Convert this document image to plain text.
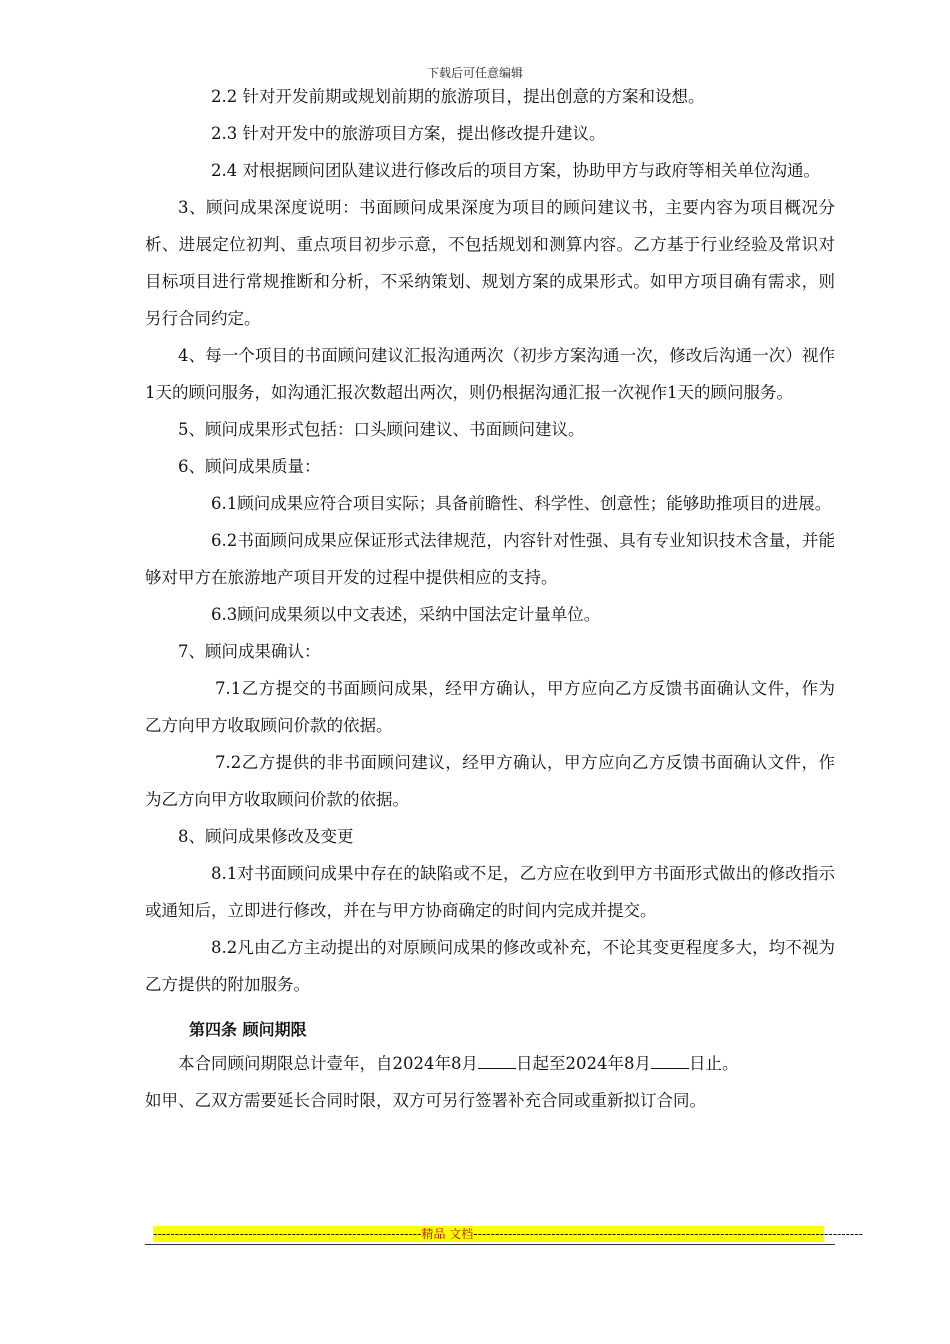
下载后可任意编辑

2.2 针对开发前期或规划前期的旅游项目，提出创意的方案和设想。

2.3 针对开发中的旅游项目方案，提出修改提升建议。

2.4 对根据顾问团队建议进行修改后的项目方案，协助甲方与政府等相关单位沟通。

3、顾问成果深度说明：书面顾问成果深度为项目的顾问建议书，主要内容为项目概况分析、进展定位初判、重点项目初步示意，不包括规划和测算内容。乙方基于行业经验及常识对目标项目进行常规推断和分析，不采纳策划、规划方案的成果形式。如甲方项目确有需求，则另行合同约定。

4、每一个项目的书面顾问建议汇报沟通两次（初步方案沟通一次，修改后沟通一次）视作1天的顾问服务，如沟通汇报次数超出两次，则仍根据沟通汇报一次视作1天的顾问服务。

5、顾问成果形式包括：口头顾问建议、书面顾问建议。

6、顾问成果质量：

6.1顾问成果应符合项目实际；具备前瞻性、科学性、创意性；能够助推项目的进展。

6.2书面顾问成果应保证形式法律规范，内容针对性强、具有专业知识技术含量，并能够对甲方在旅游地产项目开发的过程中提供相应的支持。

6.3顾问成果须以中文表述，采纳中国法定计量单位。

7、顾问成果确认：

7.1乙方提交的书面顾问成果，经甲方确认，甲方应向乙方反馈书面确认文件，作为乙方向甲方收取顾问价款的依据。

7.2乙方提供的非书面顾问建议，经甲方确认，甲方应向乙方反馈书面确认文件，作为乙方向甲方收取顾问价款的依据。

8、顾问成果修改及变更

8.1对书面顾问成果中存在的缺陷或不足，乙方应在收到甲方书面形式做出的修改指示或通知后，立即进行修改，并在与甲方协商确定的时间内完成并提交。

8.2凡由乙方主动提出的对原顾问成果的修改或补充，不论其变更程度多大，均不视为乙方提供的附加服务。

第四条 顾问期限

本合同顾问期限总计壹年，自2024年8月 日起至2024年8月 日止。

如甲、乙双方需要延长合同时限，双方可另行签署补充合同或重新拟订合同。

--------------------------------------------------------------精品 文档------------------------------------------------------------------------------------------
